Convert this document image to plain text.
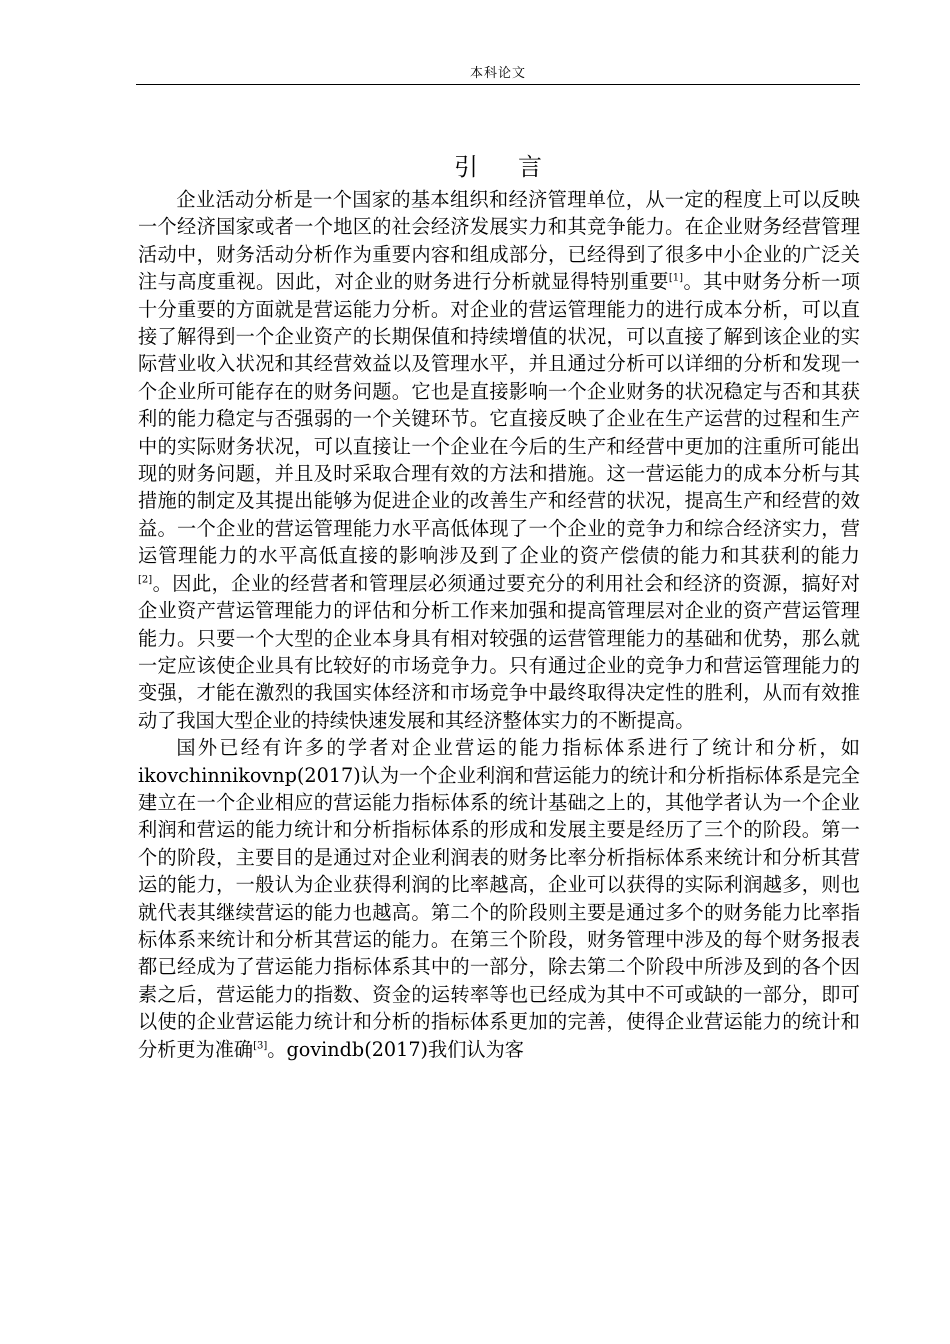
本科论文
引言

企业活动分析是一个国家的基本组织和经济管理单位，从一定的程度上可以反映一个经济国家或者一个地区的社会经济发展实力和其竞争能力。在企业财务经营管理活动中，财务活动分析作为重要内容和组成部分，已经得到了很多中小企业的广泛关注与高度重视。因此，对企业的财务进行分析就显得特别重要[1]。其中财务分析一项十分重要的方面就是营运能力分析。对企业的营运管理能力的进行成本分析，可以直接了解得到一个企业资产的长期保值和持续增值的状况，可以直接了解到该企业的实际营业收入状况和其经营效益以及管理水平，并且通过分析可以详细的分析和发现一个企业所可能存在的财务问题。它也是直接影响一个企业财务的状况稳定与否和其获利的能力稳定与否强弱的一个关键环节。它直接反映了企业在生产运营的过程和生产中的实际财务状况，可以直接让一个企业在今后的生产和经营中更加的注重所可能出现的财务问题，并且及时采取合理有效的方法和措施。这一营运能力的成本分析与其措施的制定及其提出能够为促进企业的改善生产和经营的状况，提高生产和经营的效益。一个企业的营运管理能力水平高低体现了一个企业的竞争力和综合经济实力，营运管理能力的水平高低直接的影响涉及到了企业的资产偿债的能力和其获利的能力[2]。因此，企业的经营者和管理层必须通过要充分的利用社会和经济的资源，搞好对企业资产营运管理能力的评估和分析工作来加强和提高管理层对企业的资产营运管理能力。只要一个大型的企业本身具有相对较强的运营管理能力的基础和优势，那么就一定应该使企业具有比较好的市场竞争力。只有通过企业的竞争力和营运管理能力的变强，才能在激烈的我国实体经济和市场竞争中最终取得决定性的胜利，从而有效推动了我国大型企业的持续快速发展和其经济整体实力的不断提高。

国外已经有许多的学者对企业营运的能力指标体系进行了统计和分析，如 ikovchinnikovnp(2017)认为一个企业利润和营运能力的统计和分析指标体系是完全建立在一个企业相应的营运能力指标体系的统计基础之上的，其他学者认为一个企业利润和营运的能力统计和分析指标体系的形成和发展主要是经历了三个的阶段。第一个的阶段，主要目的是通过对企业利润表的财务比率分析指标体系来统计和分析其营运的能力，一般认为企业获得利润的比率越高，企业可以获得的实际利润越多，则也就代表其继续营运的能力也越高。第二个的阶段则主要是通过多个的财务能力比率指标体系来统计和分析其营运的能力。在第三个阶段，财务管理中涉及的每个财务报表都已经成为了营运能力指标体系其中的一部分，除去第二个阶段中所涉及到的各个因素之后，营运能力的指数、资金的运转率等也已经成为其中不可或缺的一部分，即可以使的企业营运能力统计和分析的指标体系更加的完善，使得企业营运能力的统计和分析更为准确[3]。govindb(2017)我们认为客
